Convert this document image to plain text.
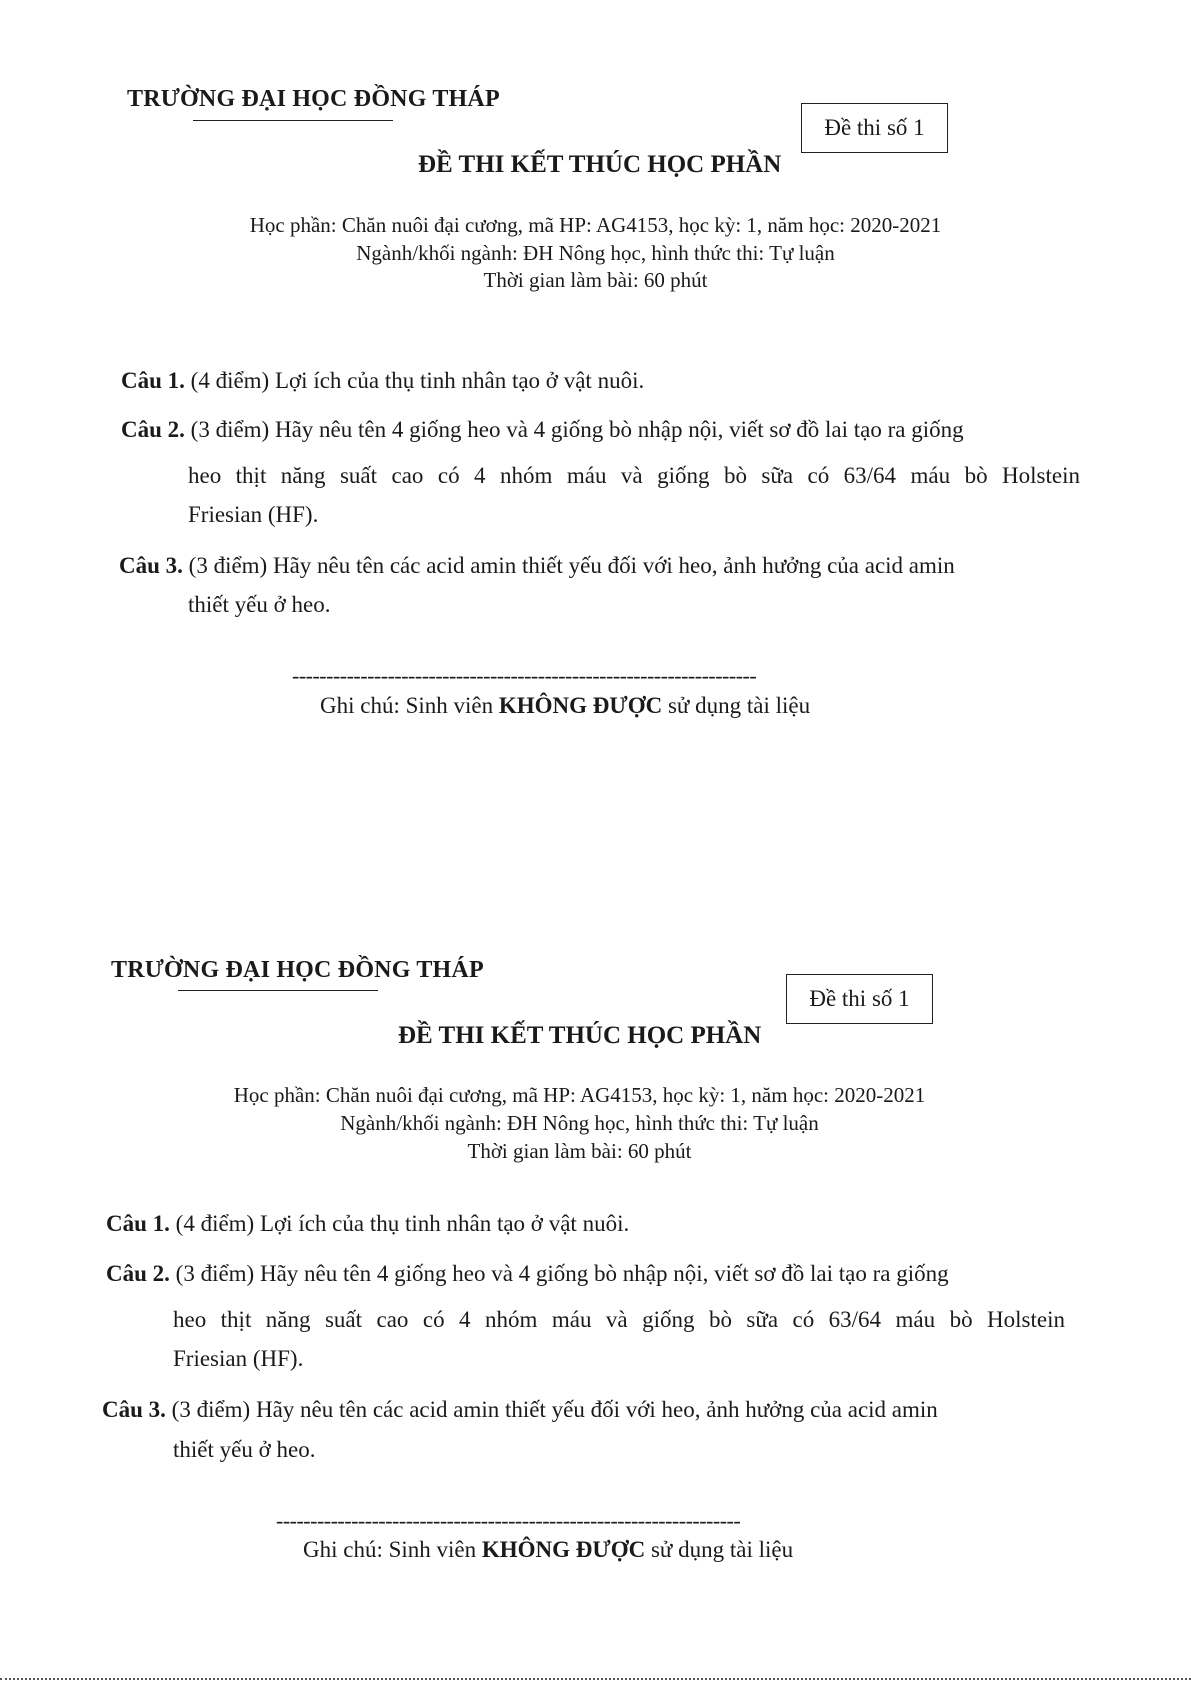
TRƯỜNG ĐẠI HỌC ĐỒNG THÁP
Đề thi số 1
ĐỀ THI KẾT THÚC HỌC PHẦN
Học phần: Chăn nuôi đại cương, mã HP: AG4153, học kỳ: 1, năm học: 2020-2021
Ngành/khối ngành: ĐH Nông học, hình thức thi: Tự luận
Thời gian làm bài: 60 phút
Câu 1. (4 điểm) Lợi ích của thụ tinh nhân tạo ở vật nuôi.
Câu 2. (3 điểm) Hãy nêu tên 4 giống heo và 4 giống bò nhập nội, viết sơ đồ lai tạo ra giống
heo thịt năng suất cao có 4 nhóm máu và giống bò sữa có 63/64 máu bò Holstein
Friesian (HF).
Câu 3. (3 điểm) Hãy nêu tên các acid amin thiết yếu đối với heo, ảnh hưởng của acid amin
thiết yếu ở heo.
--------------------------------------------------------------------
Ghi chú: Sinh viên KHÔNG ĐƯỢC sử dụng tài liệu
TRƯỜNG ĐẠI HỌC ĐỒNG THÁP
Đề thi số 1
ĐỀ THI KẾT THÚC HỌC PHẦN
Học phần: Chăn nuôi đại cương, mã HP: AG4153, học kỳ: 1, năm học: 2020-2021
Ngành/khối ngành: ĐH Nông học, hình thức thi: Tự luận
Thời gian làm bài: 60 phút
Câu 1. (4 điểm) Lợi ích của thụ tinh nhân tạo ở vật nuôi.
Câu 2. (3 điểm) Hãy nêu tên 4 giống heo và 4 giống bò nhập nội, viết sơ đồ lai tạo ra giống
heo thịt năng suất cao có 4 nhóm máu và giống bò sữa có 63/64 máu bò Holstein
Friesian (HF).
Câu 3. (3 điểm) Hãy nêu tên các acid amin thiết yếu đối với heo, ảnh hưởng của acid amin
thiết yếu ở heo.
--------------------------------------------------------------------
Ghi chú: Sinh viên KHÔNG ĐƯỢC sử dụng tài liệu
